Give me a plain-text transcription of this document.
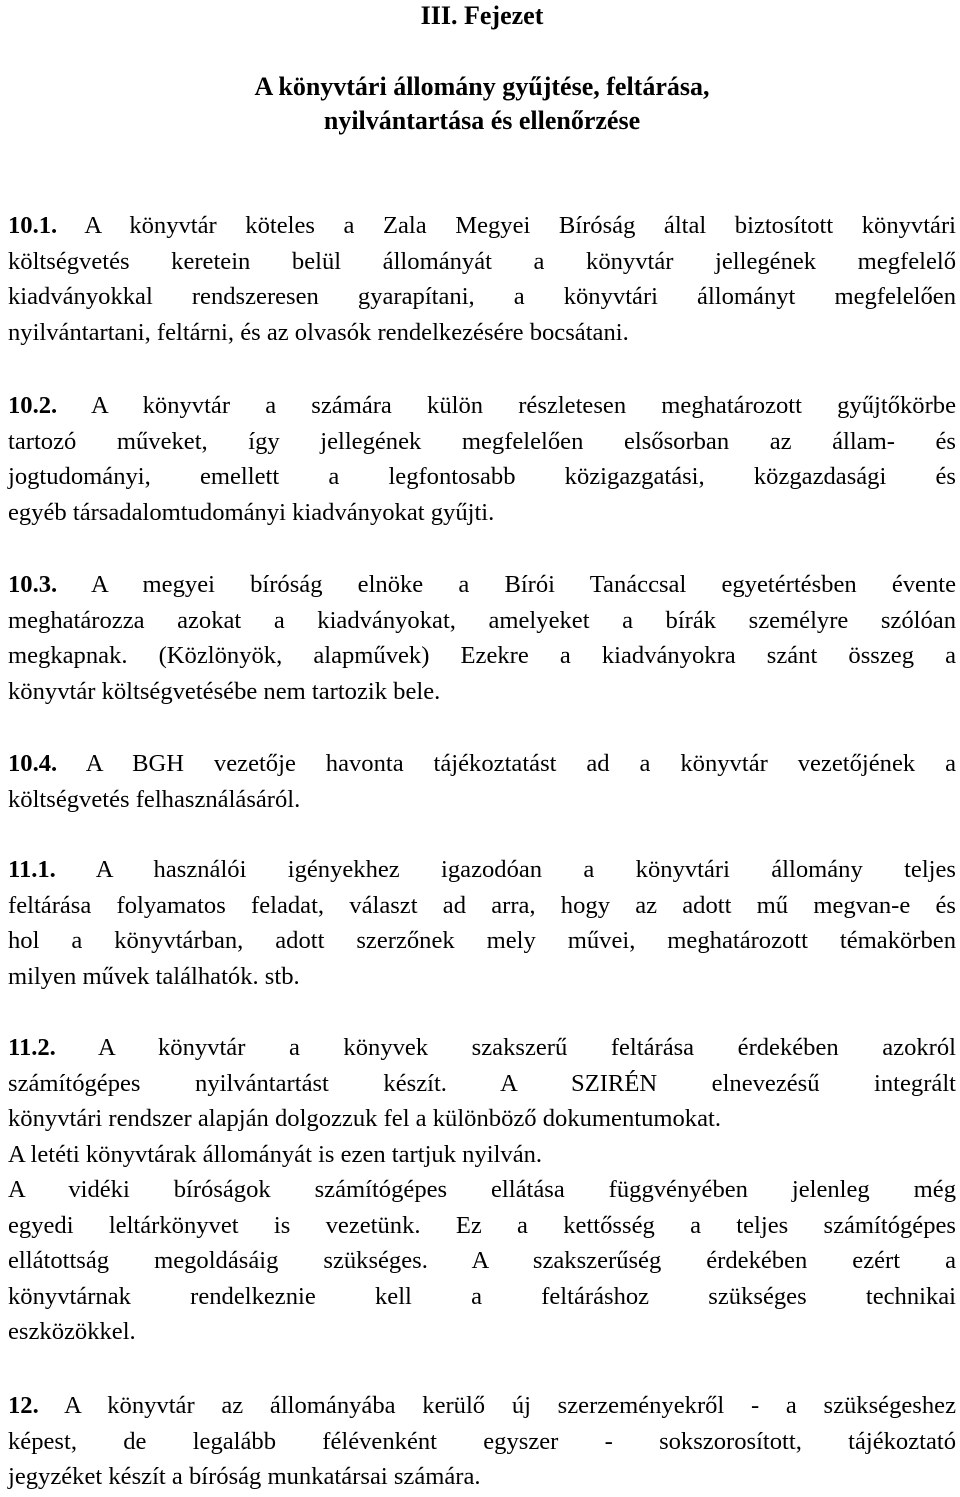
III. Fejezet
A könyvtári állomány gyűjtése, feltárása,
nyilvántartása és ellenőrzése
10.1. A könyvtár köteles a Zala Megyei Bíróság által biztosított könyvtári
költségvetés keretein belül állományát a könyvtár jellegének megfelelő
kiadványokkal rendszeresen gyarapítani, a könyvtári állományt megfelelően
nyilvántartani, feltárni, és az olvasók rendelkezésére bocsátani.
10.2. A könyvtár a számára külön részletesen meghatározott gyűjtőkörbe
tartozó műveket, így jellegének megfelelően elsősorban az állam- és
jogtudományi, emellett a legfontosabb közigazgatási, közgazdasági és
egyéb társadalomtudományi kiadványokat gyűjti.
10.3. A megyei bíróság elnöke a Bírói Tanáccsal egyetértésben évente
meghatározza azokat a kiadványokat, amelyeket a bírák személyre szólóan
megkapnak. (Közlönyök, alapművek) Ezekre a kiadványokra szánt összeg a
könyvtár költségvetésébe nem tartozik bele.
10.4. A BGH vezetője havonta tájékoztatást ad a könyvtár vezetőjének a
költségvetés felhasználásáról.
11.1. A használói igényekhez igazodóan a könyvtári állomány teljes
feltárása folyamatos feladat, választ ad arra, hogy az adott mű megvan-e és
hol a könyvtárban, adott szerzőnek mely művei, meghatározott témakörben
milyen művek találhatók. stb.
11.2. A könyvtár a könyvek szakszerű feltárása érdekében azokról
számítógépes nyilvántartást készít. A SZIRÉN elnevezésű integrált
könyvtári rendszer alapján dolgozzuk fel a különböző dokumentumokat.
A letéti könyvtárak állományát is ezen tartjuk nyilván.
A vidéki bíróságok számítógépes ellátása függvényében jelenleg még
egyedi leltárkönyvet is vezetünk. Ez a kettősség a teljes számítógépes
ellátottság megoldásáig szükséges. A szakszerűség érdekében ezért a
könyvtárnak rendelkeznie kell a feltáráshoz szükséges technikai
eszközökkel.
12. A könyvtár az állományába kerülő új szerzeményekről - a szükségeshez
képest, de legalább félévenként egyszer - sokszorosított, tájékoztató
jegyzéket készít a bíróság munkatársai számára.
